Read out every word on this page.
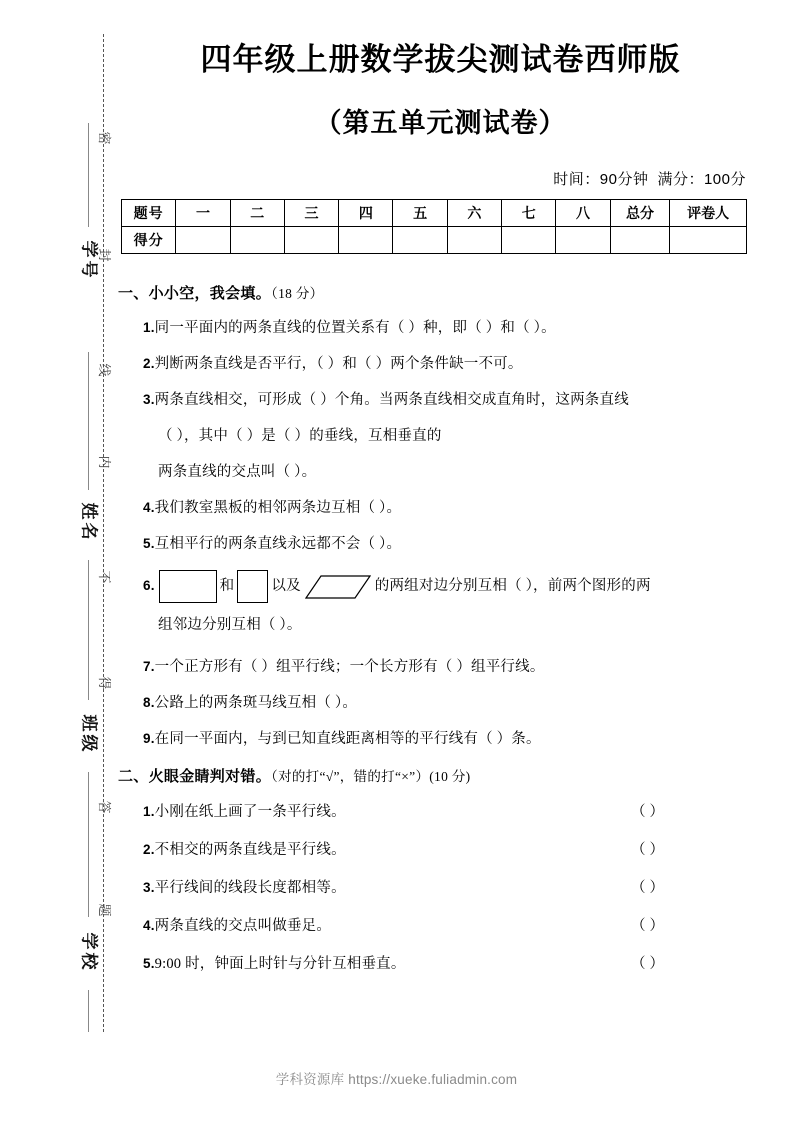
密
封
线
内
不
得
答
题
学号
姓名
班级
学校
四年级上册数学拔尖测试卷西师版
（第五单元测试卷）
时间：90分钟 满分：100分
题号	一	二	三	四	五	六	七	八	总分	评卷人
得分										
一、小小空，我会填。（18 分）
1.同一平面内的两条直线的位置关系有（ ）种，即（ ）和（ ）。
2.判断两条直线是否平行，（ ）和（ ）两个条件缺一不可。
3.两条直线相交，可形成（ ）个角。当两条直线相交成直角时，这两条直线
（ ），其中（ ）是（ ）的垂线，互相垂直的
两条直线的交点叫（ ）。
4.我们教室黑板的相邻两条边互相（ ）。
5.互相平行的两条直线永远都不会（ ）。
6.	和	以及	的两组对边分别互相（ ），前两个图形的两
组邻边分别互相（ ）。
7.一个正方形有（ ）组平行线；一个长方形有（ ）组平行线。
8.公路上的两条斑马线互相（ ）。
9.在同一平面内，与到已知直线距离相等的平行线有（ ）条。
二、火眼金睛判对错。（对的打“√”，错的打“×”）(10 分)
1.小刚在纸上画了一条平行线。	（ ）
2.不相交的两条直线是平行线。	（ ）
3.平行线间的线段长度都相等。	（ ）
4.两条直线的交点叫做垂足。	（ ）
5.9:00 时，钟面上时针与分针互相垂直。	（ ）
学科资源库 https://xueke.fuliadmin.com
